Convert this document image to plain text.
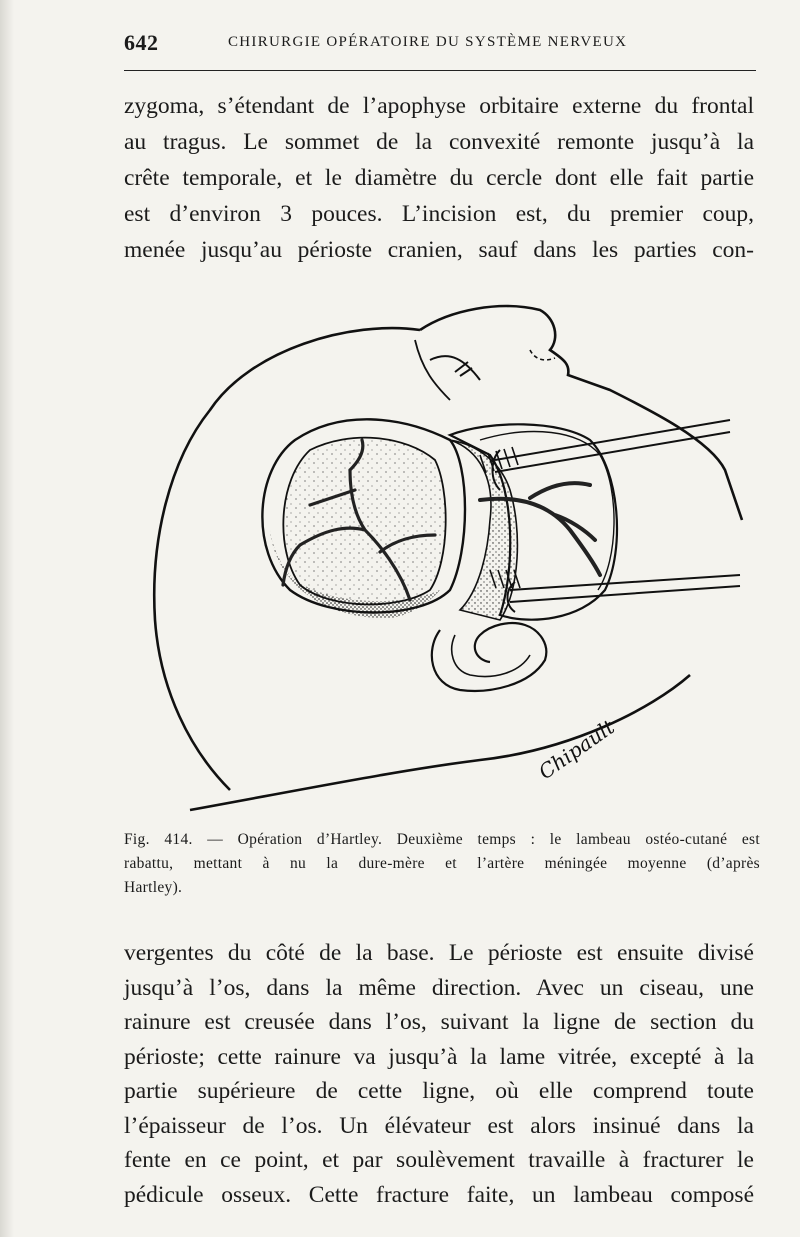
642	CHIRURGIE OPÉRATOIRE DU SYSTÈME NERVEUX
zygoma, s’étendant de l’apophyse orbitaire externe du frontal
au tragus. Le sommet de la convexité remonte jusqu’à la
crête temporale, et le diamètre du cercle dont elle fait partie
est d’environ 3 pouces. L’incision est, du premier coup,
menée jusqu’au périoste cranien, sauf dans les parties con-
Chipault
Fig. 414. — Opération d’Hartley. Deuxième temps : le lambeau ostéo-cutané est
rabattu, mettant à nu la dure-mère et l’artère méningée moyenne (d’après
Hartley).
vergentes du côté de la base. Le périoste est ensuite divisé
jusqu’à l’os, dans la même direction. Avec un ciseau, une
rainure est creusée dans l’os, suivant la ligne de section du
périoste; cette rainure va jusqu’à la lame vitrée, excepté à la
partie supérieure de cette ligne, où elle comprend toute
l’épaisseur de l’os. Un élévateur est alors insinué dans la
fente en ce point, et par soulèvement travaille à fracturer le
pédicule osseux. Cette fracture faite, un lambeau composé
